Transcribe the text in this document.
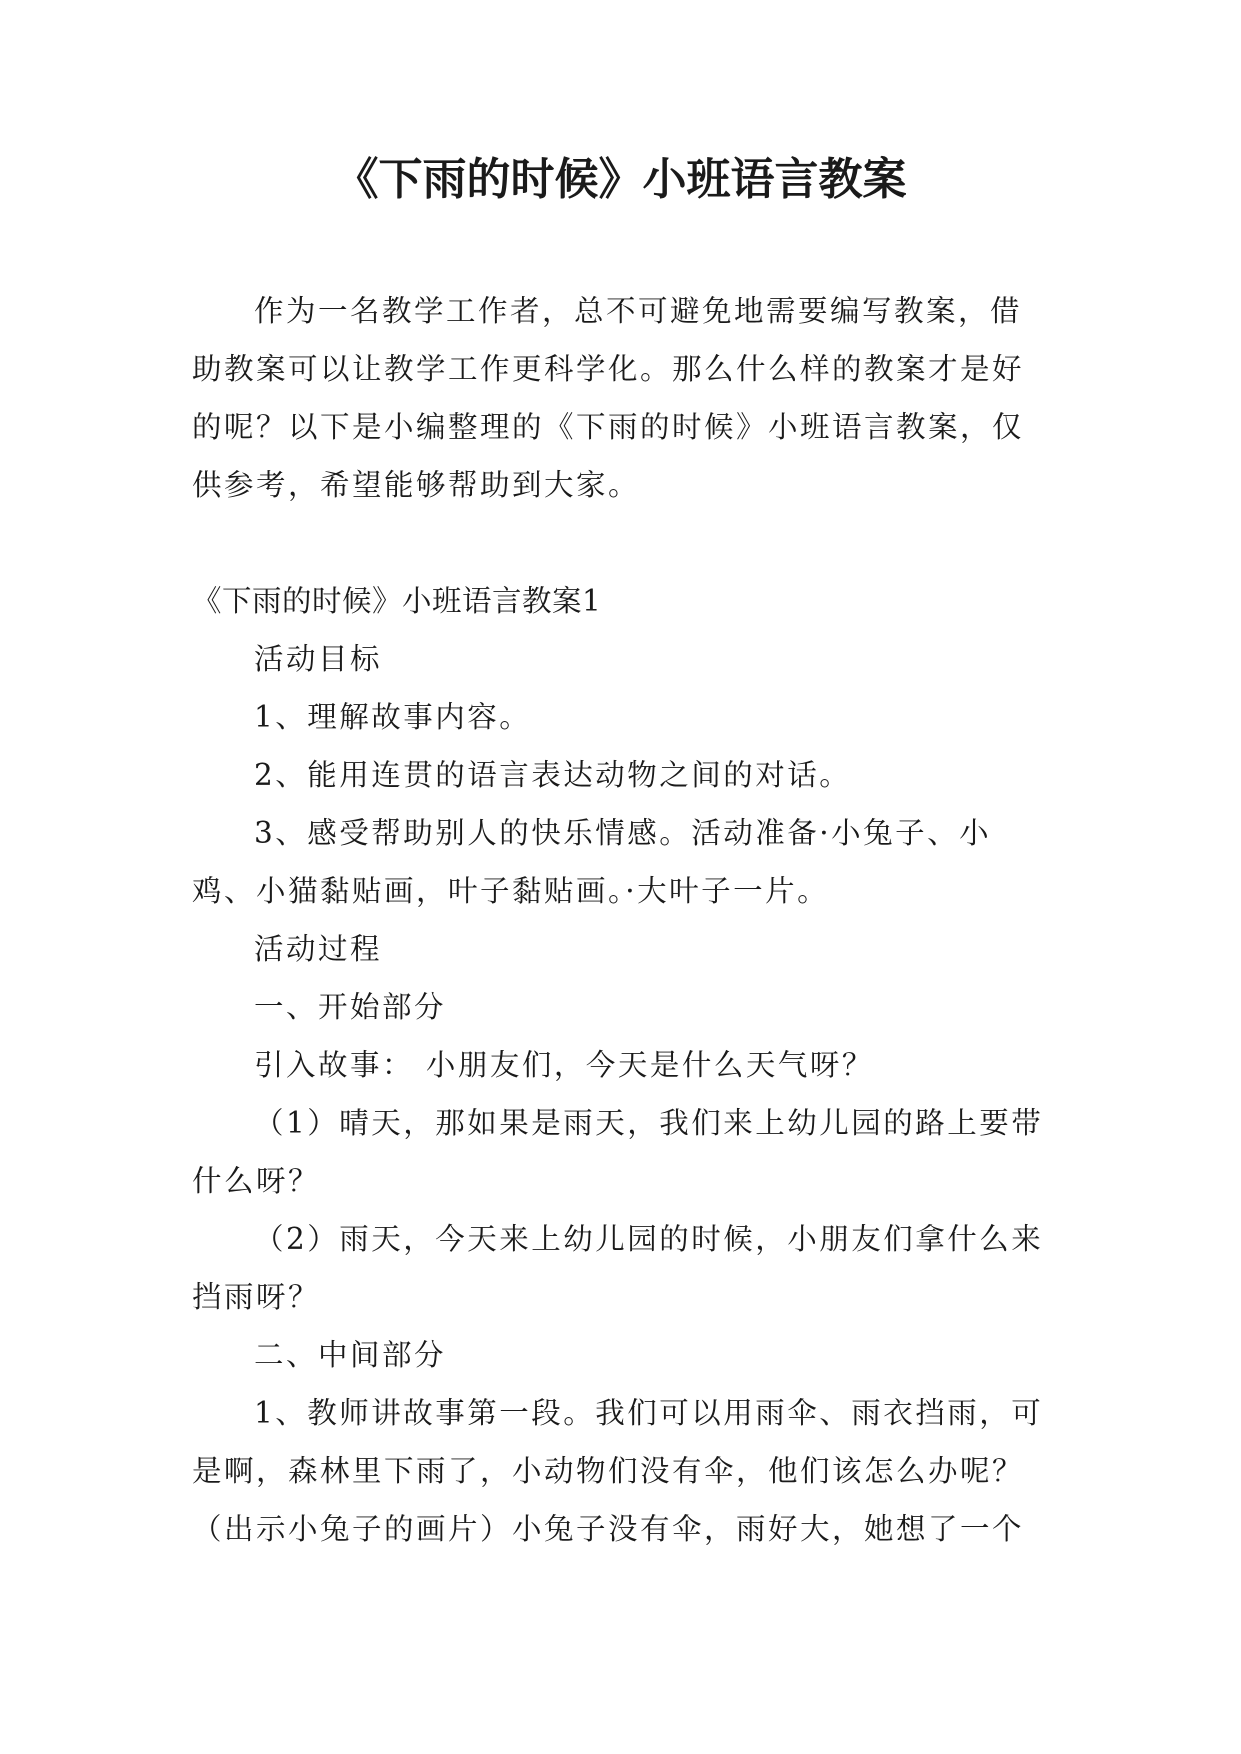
《下雨的时候》小班语言教案

作为一名教学工作者，总不可避免地需要编写教案，借助教案可以让教学工作更科学化。那么什么样的教案才是好的呢？以下是小编整理的《下雨的时候》小班语言教案，仅供参考，希望能够帮助到大家。

《下雨的时候》小班语言教案1

活动目标

1、理解故事内容。

2、能用连贯的语言表达动物之间的对话。

3、感受帮助别人的快乐情感。活动准备·小兔子、小鸡、小猫黏贴画，叶子黏贴画。·大叶子一片。

活动过程

一、开始部分

引入故事： 小朋友们，今天是什么天气呀？

（1）晴天，那如果是雨天，我们来上幼儿园的路上要带什么呀？

（2）雨天，今天来上幼儿园的时候，小朋友们拿什么来挡雨呀？

二、中间部分

1、教师讲故事第一段。我们可以用雨伞、雨衣挡雨，可是啊，森林里下雨了，小动物们没有伞，他们该怎么办呢？（出示小兔子的画片）小兔子没有伞，雨好大，她想了一个
